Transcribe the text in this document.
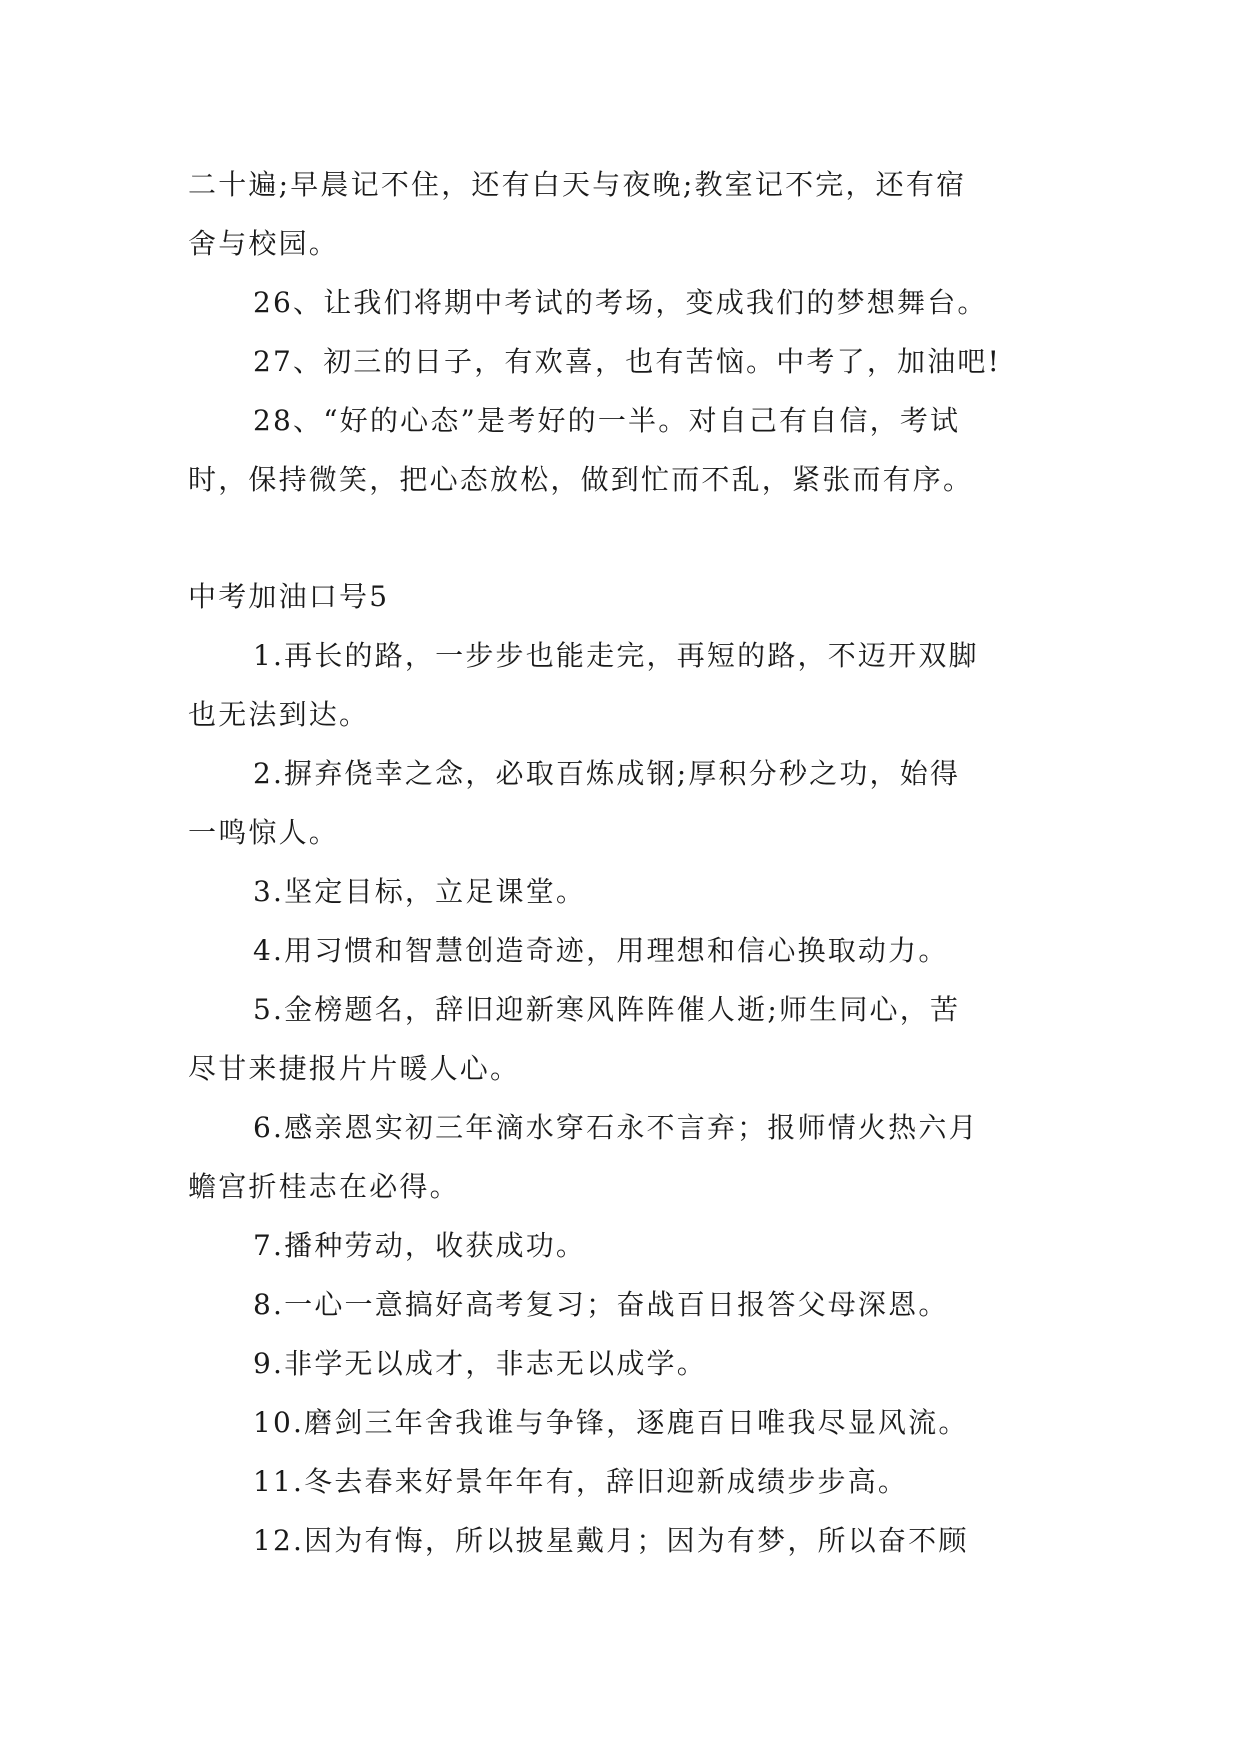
二十遍;早晨记不住，还有白天与夜晚;教室记不完，还有宿
舍与校园。
26、让我们将期中考试的考场，变成我们的梦想舞台。
27、初三的日子，有欢喜，也有苦恼。中考了，加油吧!
28、“好的心态”是考好的一半。对自己有自信，考试
时，保持微笑，把心态放松，做到忙而不乱，紧张而有序。
中考加油口号5
1.再长的路，一步步也能走完，再短的路，不迈开双脚
也无法到达。
2.摒弃侥幸之念，必取百炼成钢;厚积分秒之功，始得
一鸣惊人。
3.坚定目标，立足课堂。
4.用习惯和智慧创造奇迹，用理想和信心换取动力。
5.金榜题名，辞旧迎新寒风阵阵催人逝;师生同心，苦
尽甘来捷报片片暖人心。
6.感亲恩实初三年滴水穿石永不言弃；报师情火热六月
蟾宫折桂志在必得。
7.播种劳动，收获成功。
8.一心一意搞好高考复习；奋战百日报答父母深恩。
9.非学无以成才，非志无以成学。
10.磨剑三年舍我谁与争锋，逐鹿百日唯我尽显风流。
11.冬去春来好景年年有，辞旧迎新成绩步步高。
12.因为有悔，所以披星戴月；因为有梦，所以奋不顾
